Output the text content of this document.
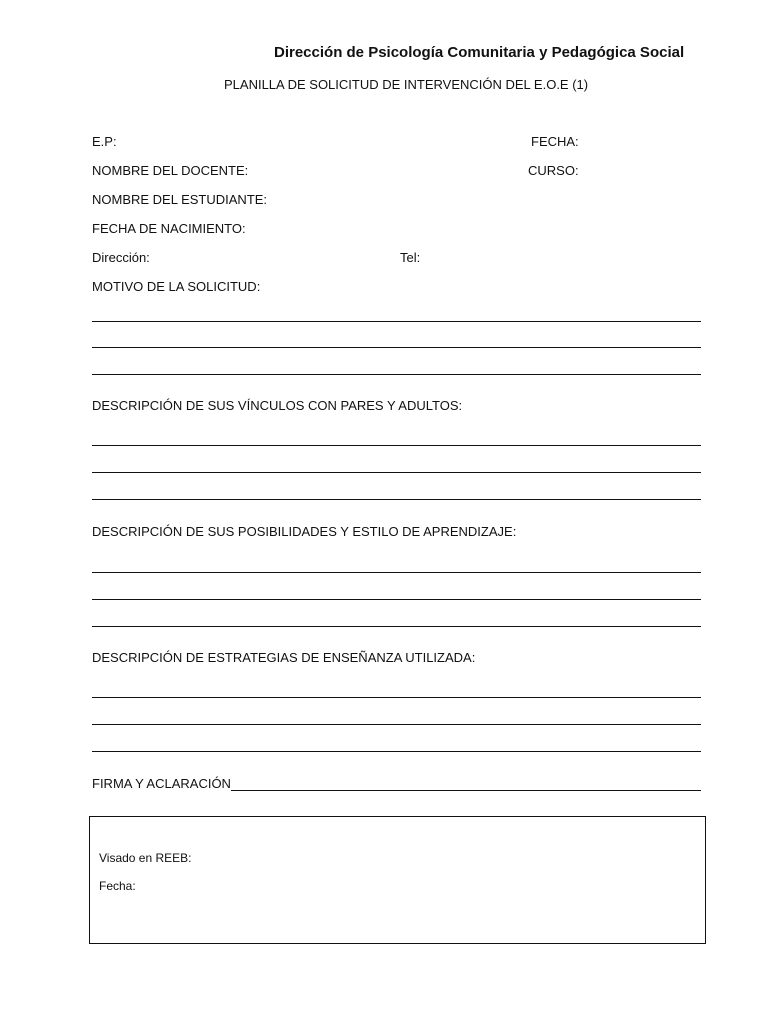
Dirección de Psicología Comunitaria y Pedagógica Social
PLANILLA DE SOLICITUD DE INTERVENCIÓN DEL E.O.E (1)
E.P:	FECHA:
NOMBRE DEL DOCENTE:	CURSO:
NOMBRE DEL ESTUDIANTE:
FECHA DE NACIMIENTO:
Dirección:	Tel:
MOTIVO DE LA SOLICITUD:
DESCRIPCIÓN DE SUS VÍNCULOS CON PARES Y ADULTOS:
DESCRIPCIÓN DE SUS POSIBILIDADES Y ESTILO DE APRENDIZAJE:
DESCRIPCIÓN DE ESTRATEGIAS DE ENSEÑANZA UTILIZADA:
FIRMA Y ACLARACIÓN
Visado en REEB:
Fecha:
